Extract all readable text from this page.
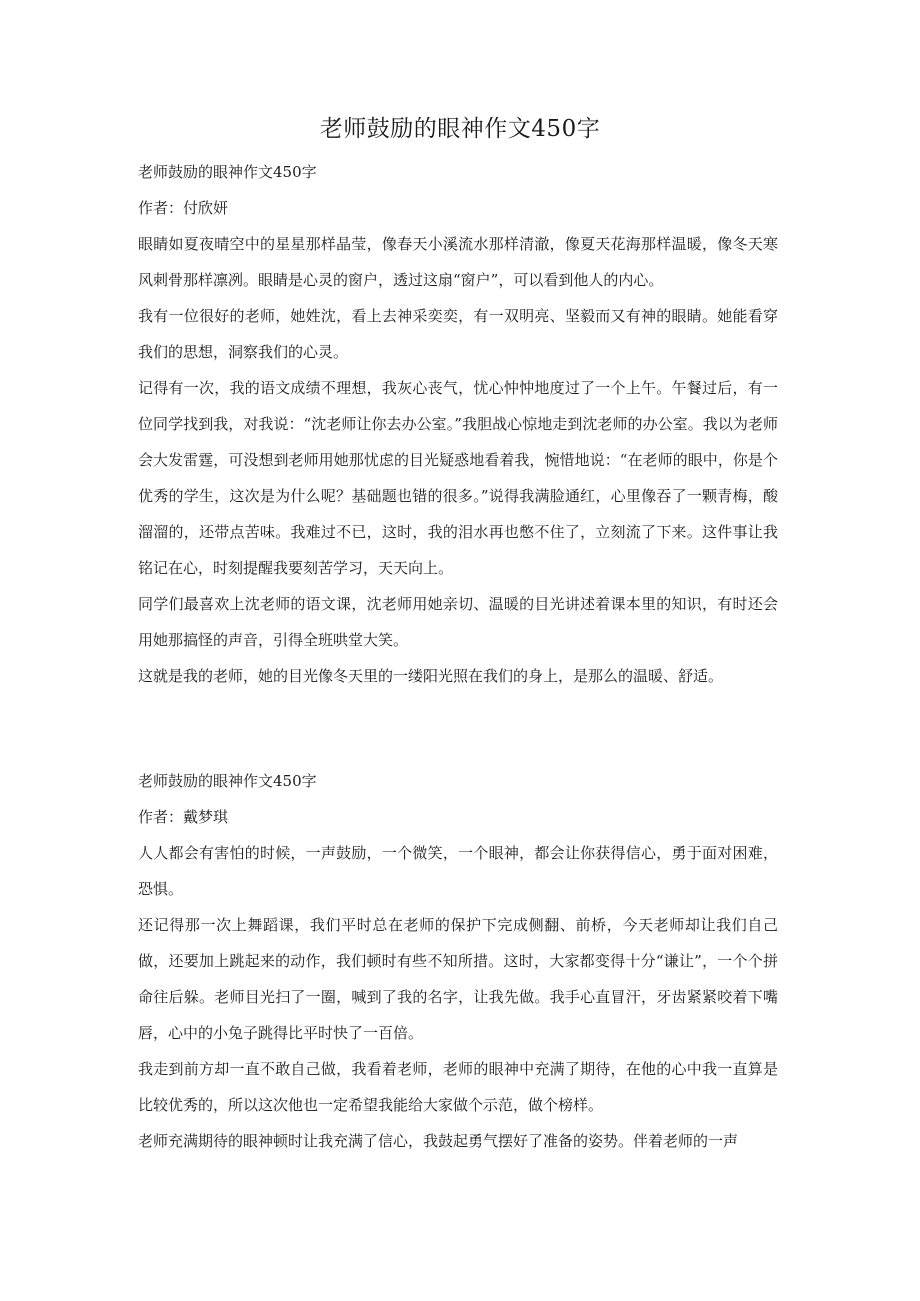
老师鼓励的眼神作文450字

老师鼓励的眼神作文450字

作者：付欣妍

眼睛如夏夜晴空中的星星那样晶莹，像春天小溪流水那样清澈，像夏天花海那样温暖，像冬天寒风刺骨那样凛冽。眼睛是心灵的窗户，透过这扇“窗户”，可以看到他人的内心。

我有一位很好的老师，她姓沈，看上去神采奕奕，有一双明亮、坚毅而又有神的眼睛。她能看穿我们的思想，洞察我们的心灵。

记得有一次，我的语文成绩不理想，我灰心丧气，忧心忡忡地度过了一个上午。午餐过后，有一位同学找到我，对我说：“沈老师让你去办公室。”我胆战心惊地走到沈老师的办公室。我以为老师会大发雷霆，可没想到老师用她那忧虑的目光疑惑地看着我，惋惜地说：“在老师的眼中，你是个优秀的学生，这次是为什么呢？基础题也错的很多。”说得我满脸通红，心里像吞了一颗青梅，酸溜溜的，还带点苦味。我难过不已，这时，我的泪水再也憋不住了，立刻流了下来。这件事让我铭记在心，时刻提醒我要刻苦学习，天天向上。

同学们最喜欢上沈老师的语文课，沈老师用她亲切、温暖的目光讲述着课本里的知识，有时还会用她那搞怪的声音，引得全班哄堂大笑。

这就是我的老师，她的目光像冬天里的一缕阳光照在我们的身上，是那么的温暖、舒适。

老师鼓励的眼神作文450字

作者：戴梦琪

人人都会有害怕的时候，一声鼓励，一个微笑，一个眼神，都会让你获得信心，勇于面对困难，恐惧。

还记得那一次上舞蹈课，我们平时总在老师的保护下完成侧翻、前桥，今天老师却让我们自己做，还要加上跳起来的动作，我们顿时有些不知所措。这时，大家都变得十分“谦让”，一个个拼命往后躲。老师目光扫了一圈，喊到了我的名字，让我先做。我手心直冒汗，牙齿紧紧咬着下嘴唇，心中的小兔子跳得比平时快了一百倍。

我走到前方却一直不敢自己做，我看着老师，老师的眼神中充满了期待，在他的心中我一直算是比较优秀的，所以这次他也一定希望我能给大家做个示范，做个榜样。

老师充满期待的眼神顿时让我充满了信心，我鼓起勇气摆好了准备的姿势。伴着老师的一声
